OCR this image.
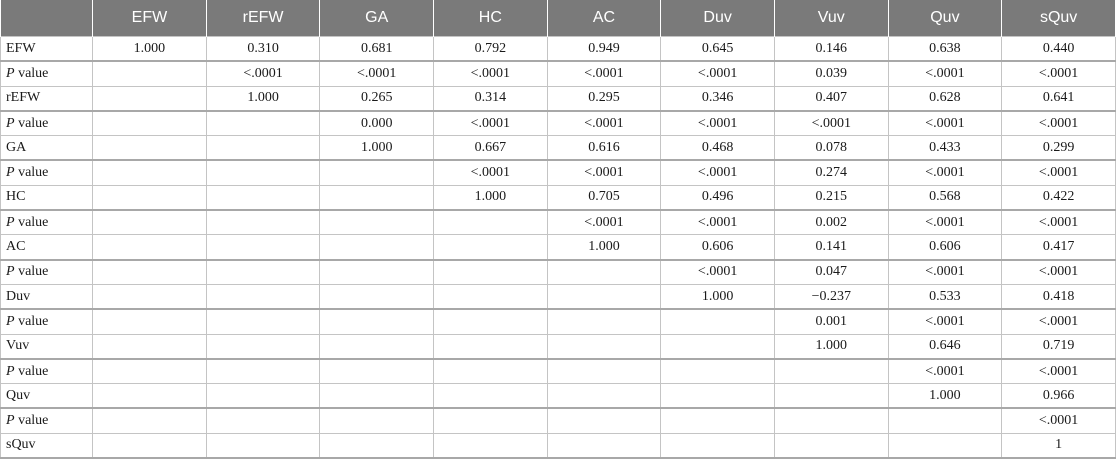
	EFW	rEFW	GA	HC	AC	Duv	Vuv	Quv	sQuv
EFW	1.000	0.310	0.681	0.792	0.949	0.645	0.146	0.638	0.440
P value		<.0001	<.0001	<.0001	<.0001	<.0001	0.039	<.0001	<.0001
rEFW		1.000	0.265	0.314	0.295	0.346	0.407	0.628	0.641
P value			0.000	<.0001	<.0001	<.0001	<.0001	<.0001	<.0001
GA			1.000	0.667	0.616	0.468	0.078	0.433	0.299
P value				<.0001	<.0001	<.0001	0.274	<.0001	<.0001
HC				1.000	0.705	0.496	0.215	0.568	0.422
P value					<.0001	<.0001	0.002	<.0001	<.0001
AC					1.000	0.606	0.141	0.606	0.417
P value						<.0001	0.047	<.0001	<.0001
Duv						1.000	−0.237	0.533	0.418
P value							0.001	<.0001	<.0001
Vuv							1.000	0.646	0.719
P value								<.0001	<.0001
Quv								1.000	0.966
P value									<.0001
sQuv									1
